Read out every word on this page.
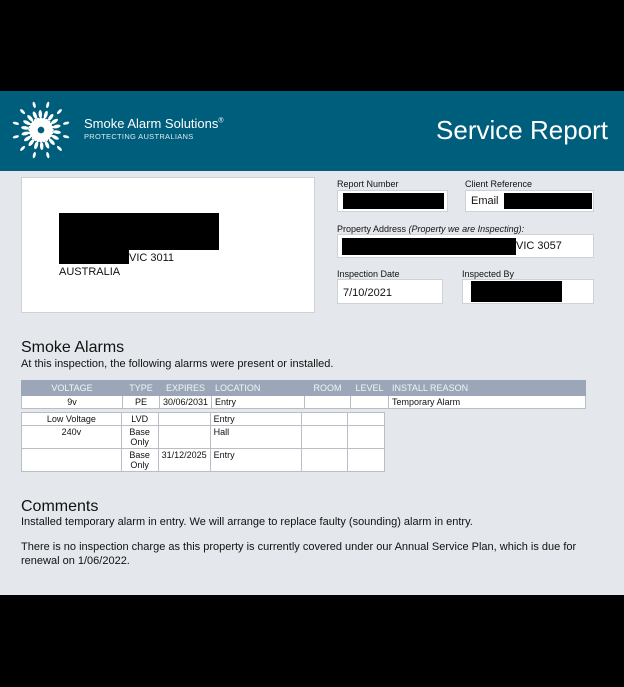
Smoke Alarm Solutions®
PROTECTING AUSTRALIANS	Service Report
VIC 3011
AUSTRALIA
Report Number	Client Reference
Email
Property Address (Property we are Inspecting):
VIC 3057
Inspection Date
7/10/2021
Inspected By
Smoke Alarms
At this inspection, the following alarms were present or installed.
VOLTAGE	TYPE	EXPIRES	LOCATION	ROOM	LEVEL	INSTALL REASON
9v	PE	30/06/2031	Entry			Temporary Alarm
Low Voltage	LVD		Entry		
240v	Base Only		Hall		
	Base Only	31/12/2025	Entry		
Comments
Installed temporary alarm in entry. We will arrange to replace faulty (sounding) alarm in entry.
There is no inspection charge as this property is currently covered under our Annual Service Plan, which is due for renewal on 1/06/2022.
